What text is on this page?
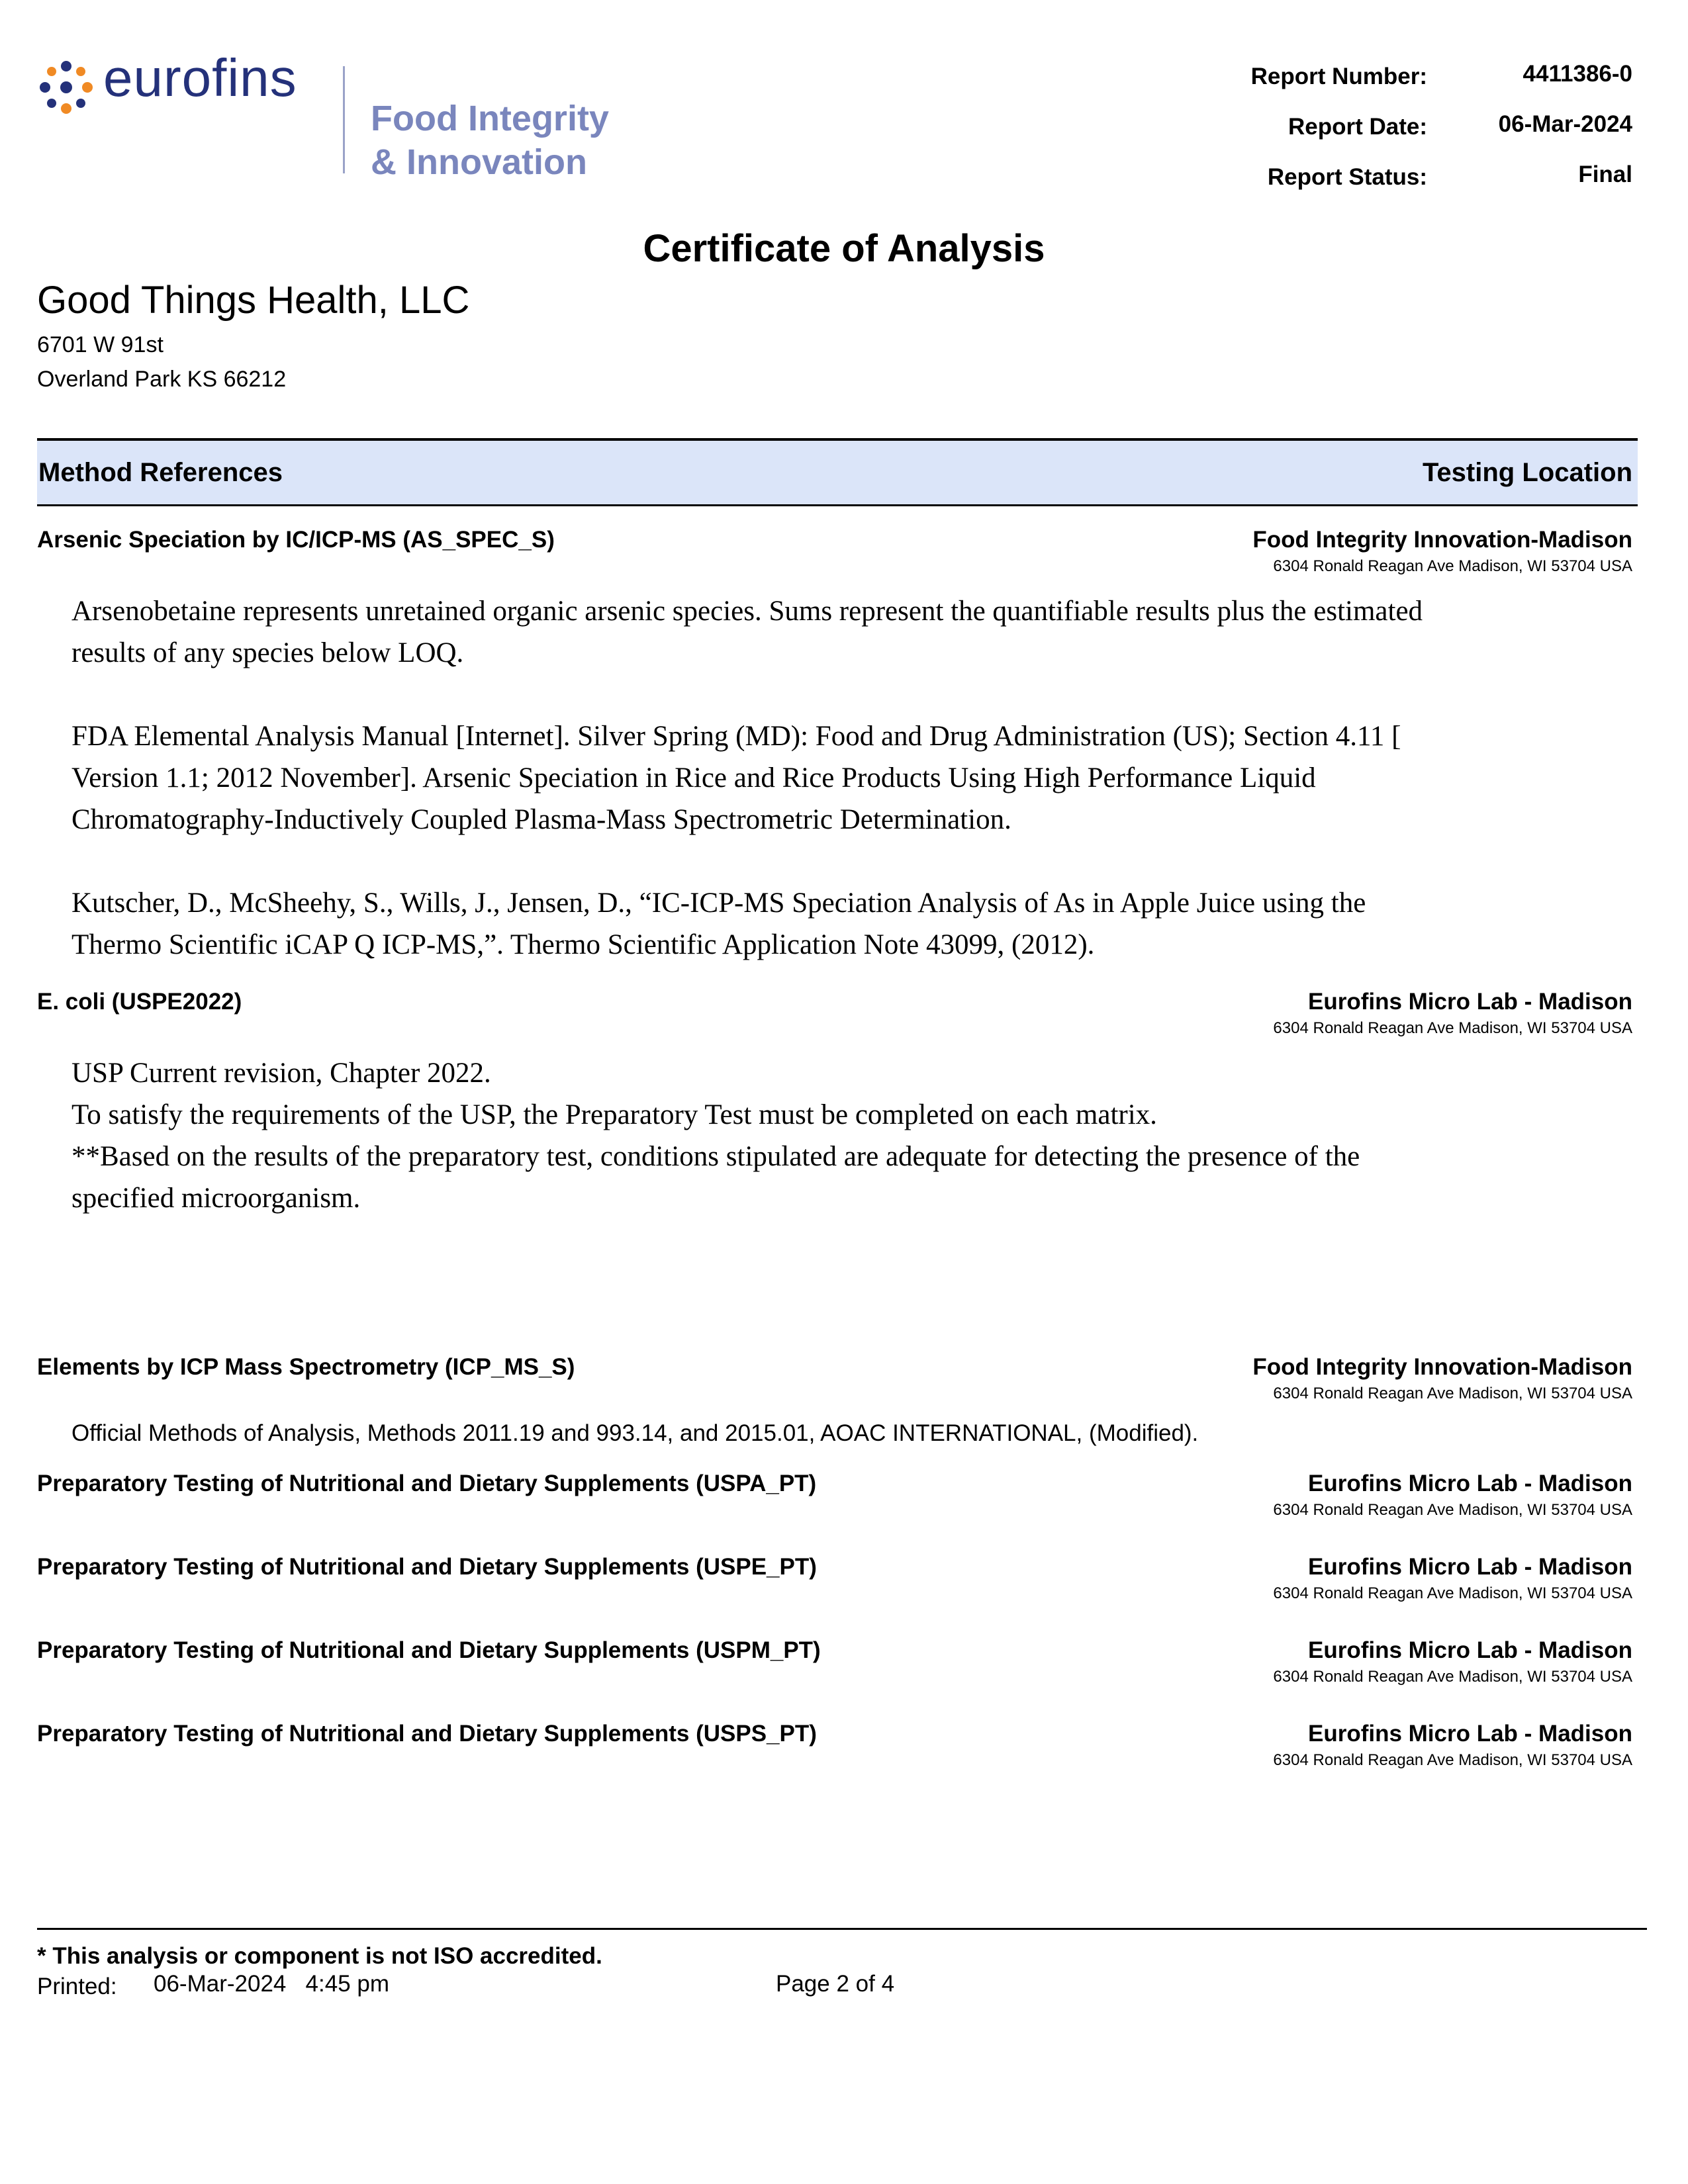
eurofins
Food Integrity
& Innovation
Report Number:	4411386-0
Report Date:	06-Mar-2024
Report Status:	Final
Certificate of Analysis
Good Things Health, LLC
6701 W 91st
Overland Park KS 66212
Method References	Testing Location
Arsenic Speciation by IC/ICP-MS (AS_SPEC_S)	Food Integrity Innovation-Madison
6304 Ronald Reagan Ave Madison, WI 53704 USA
Arsenobetaine represents unretained organic arsenic species. Sums represent the quantifiable results plus the estimated
results of any species below LOQ.
FDA Elemental Analysis Manual [Internet]. Silver Spring (MD): Food and Drug Administration (US); Section 4.11 [
Version 1.1; 2012 November]. Arsenic Speciation in Rice and Rice Products Using High Performance Liquid
Chromatography-Inductively Coupled Plasma-Mass Spectrometric Determination.
Kutscher, D., McSheehy, S., Wills, J., Jensen, D., “IC-ICP-MS Speciation Analysis of As in Apple Juice using the
Thermo Scientific iCAP Q ICP-MS,”. Thermo Scientific Application Note 43099, (2012).
E. coli (USPE2022)	Eurofins Micro Lab - Madison
6304 Ronald Reagan Ave Madison, WI 53704 USA
USP Current revision, Chapter 2022.
To satisfy the requirements of the USP, the Preparatory Test must be completed on each matrix.
**Based on the results of the preparatory test, conditions stipulated are adequate for detecting the presence of the
specified microorganism.
Elements by ICP Mass Spectrometry (ICP_MS_S)	Food Integrity Innovation-Madison
6304 Ronald Reagan Ave Madison, WI 53704 USA
Official Methods of Analysis, Methods 2011.19 and 993.14, and 2015.01, AOAC INTERNATIONAL, (Modified).
Preparatory Testing of Nutritional and Dietary Supplements (USPA_PT)	Eurofins Micro Lab - Madison
6304 Ronald Reagan Ave Madison, WI 53704 USA
Preparatory Testing of Nutritional and Dietary Supplements (USPE_PT)	Eurofins Micro Lab - Madison
6304 Ronald Reagan Ave Madison, WI 53704 USA
Preparatory Testing of Nutritional and Dietary Supplements (USPM_PT)	Eurofins Micro Lab - Madison
6304 Ronald Reagan Ave Madison, WI 53704 USA
Preparatory Testing of Nutritional and Dietary Supplements (USPS_PT)	Eurofins Micro Lab - Madison
6304 Ronald Reagan Ave Madison, WI 53704 USA
* This analysis or component is not ISO accredited.
Printed: 06-Mar-2024   4:45 pm	Page 2 of 4
